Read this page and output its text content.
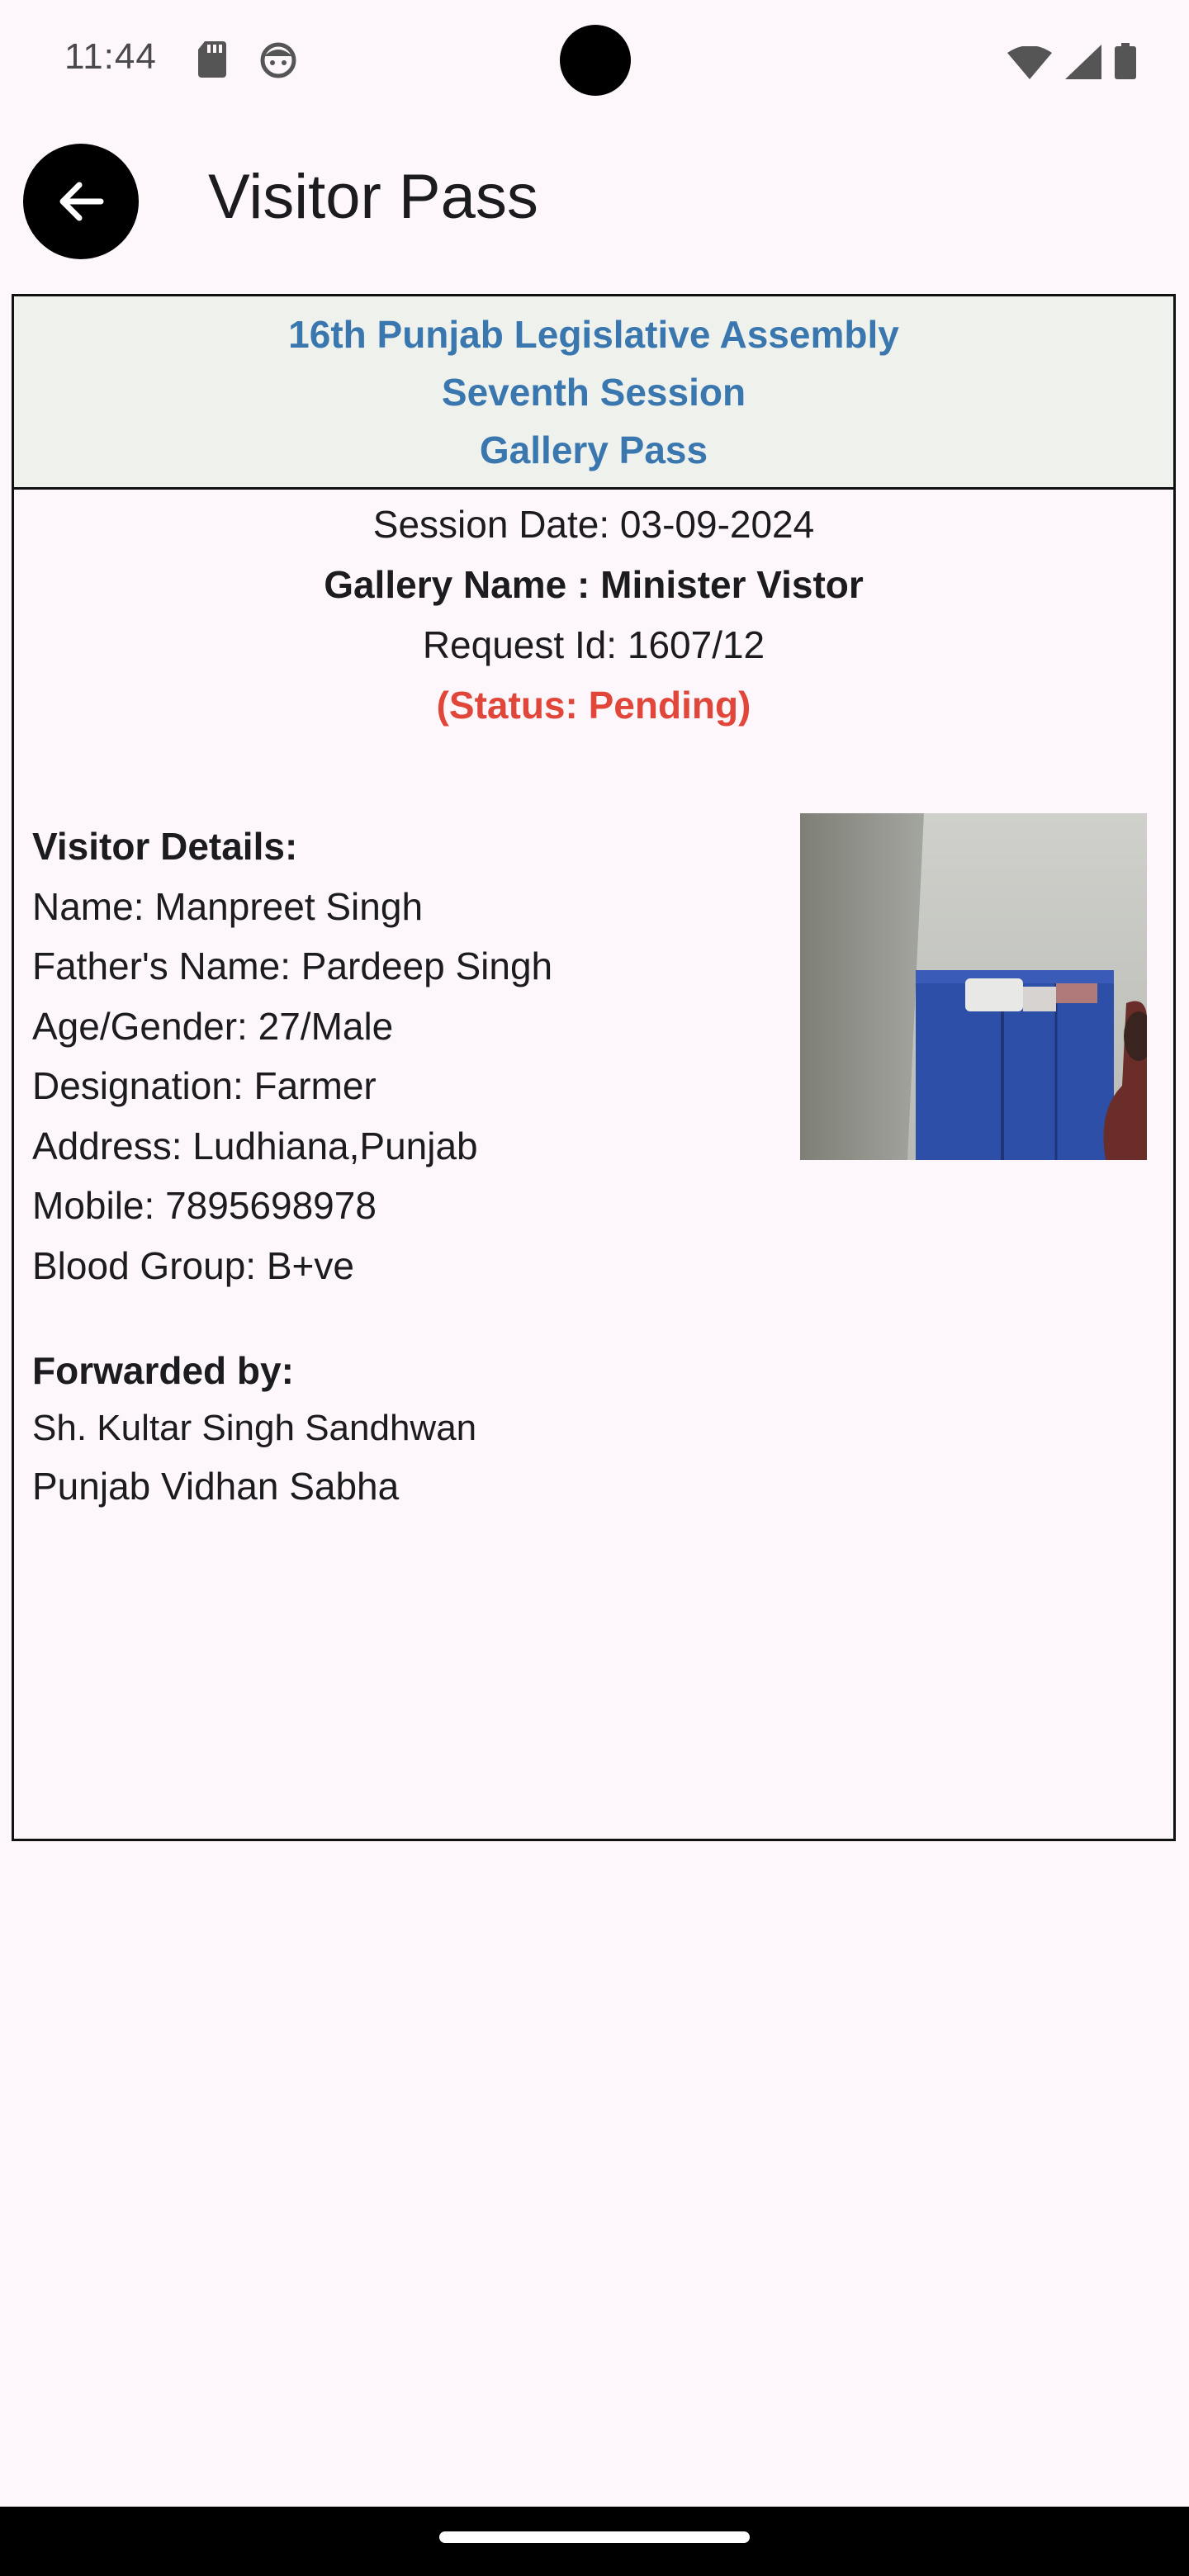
11:44
Visitor Pass
16th Punjab Legislative Assembly
Seventh Session
Gallery Pass
Session Date: 03-09-2024
Gallery Name : Minister Vistor
Request Id: 1607/12
(Status: Pending)
Visitor Details:
Name: Manpreet Singh
Father's Name: Pardeep Singh
Age/Gender: 27/Male
Designation: Farmer
Address: Ludhiana,Punjab
Mobile: 7895698978
Blood Group: B+ve
Forwarded by:
Sh. Kultar Singh Sandhwan
Punjab Vidhan Sabha
